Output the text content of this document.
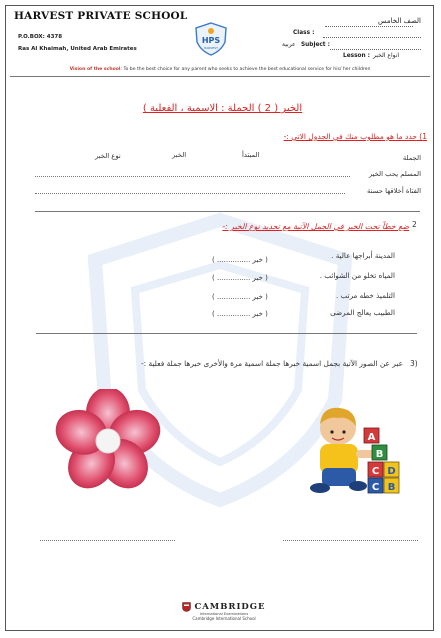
HARVEST PRIVATE SCHOOL
P.O.BOX: 4378
Ras Al Khaimah, United Arab Emirates
HPS
HARVEST
الصف الخامس
Class :
Subject :
عربية
Lesson : انواع الخبر
Vision of the school: To be the best choice for any parent who seeks to achieve the best educational service for his/ her children
الخبر ( 2 ) الجملة : الاسمية ، الفعلية )
1) حدد ما هو مطلوب منك في الجدول الاتي :-
الجملة
المبتدأ
الخبر
نوع الخبر
المسلم يحب الخير
الفتاة أخلاقها حسنة
2
ضع خطاً تحت الخبر في الجمل الآتية مع تحديد نوع الخبر :-
المدينة أبراجها عالية .
( خبر ............... )
المياه تخلو من الشوائب .
( خبر ............... )
التلميذ خطه مرتب .
( خبر ............... )
الطبيب يعالج المرضى
( خبر ............... )
3)
عبر عن الصور الآتية بجمل اسمية خبرها جملة اسمية مرة والأخرى خبرها جملة فعلية :-
A
B
C D
C B
CAMBRIDGE
International Examinations
Cambridge International School
